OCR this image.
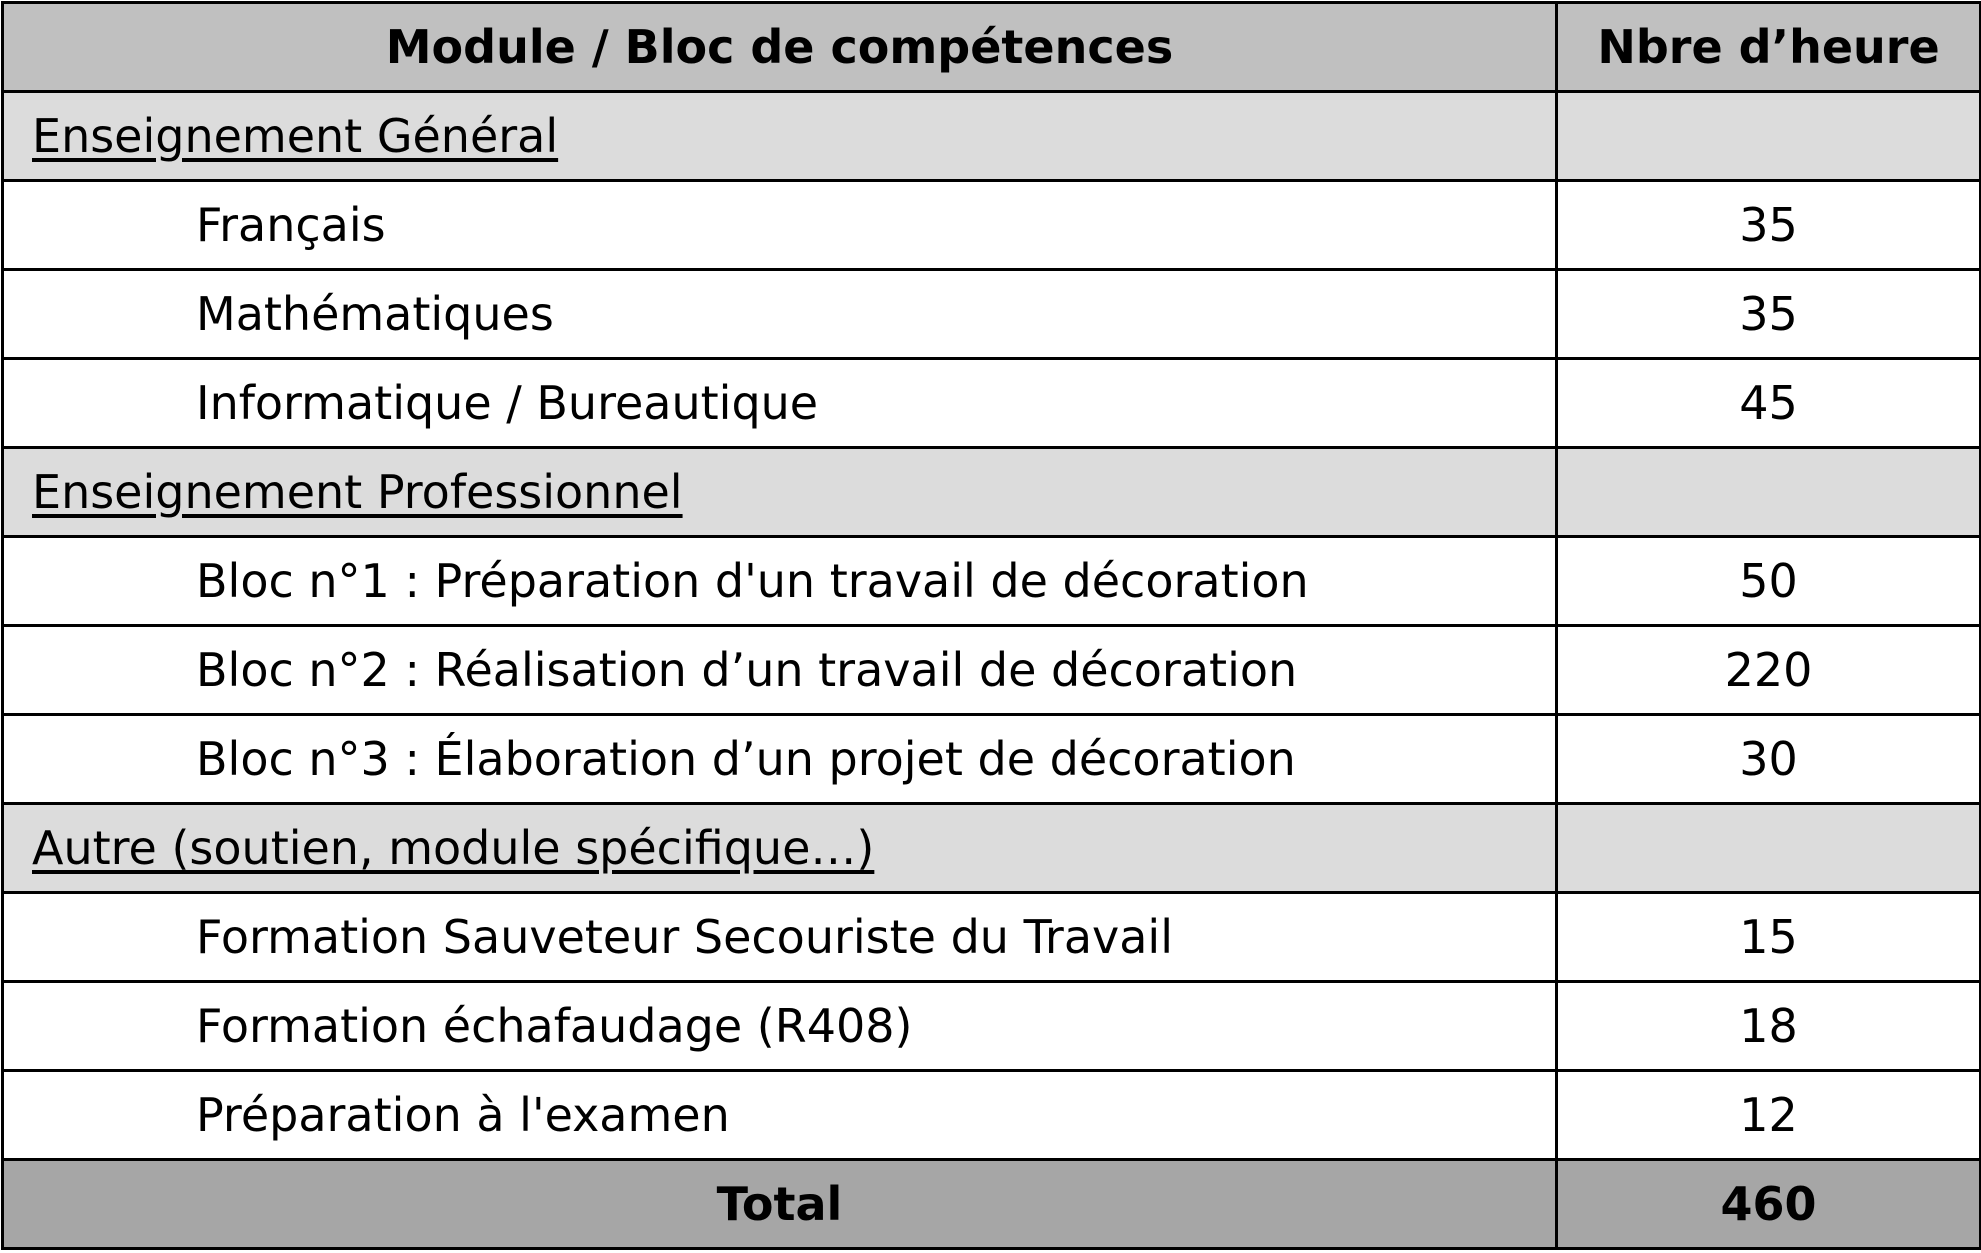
Module / Bloc de compétences	Nbre d’heure
Enseignement Général	
Français	35
Mathématiques	35
Informatique / Bureautique	45
Enseignement Professionnel	
Bloc n°1 : Préparation d'un travail de décoration	50
Bloc n°2 : Réalisation d’un travail de décoration	220
Bloc n°3 : Élaboration d’un projet de décoration	30
Autre (soutien, module spécifique…)	
Formation Sauveteur Secouriste du Travail	15
Formation échafaudage (R408)	18
Préparation à l'examen	12
Total	460
